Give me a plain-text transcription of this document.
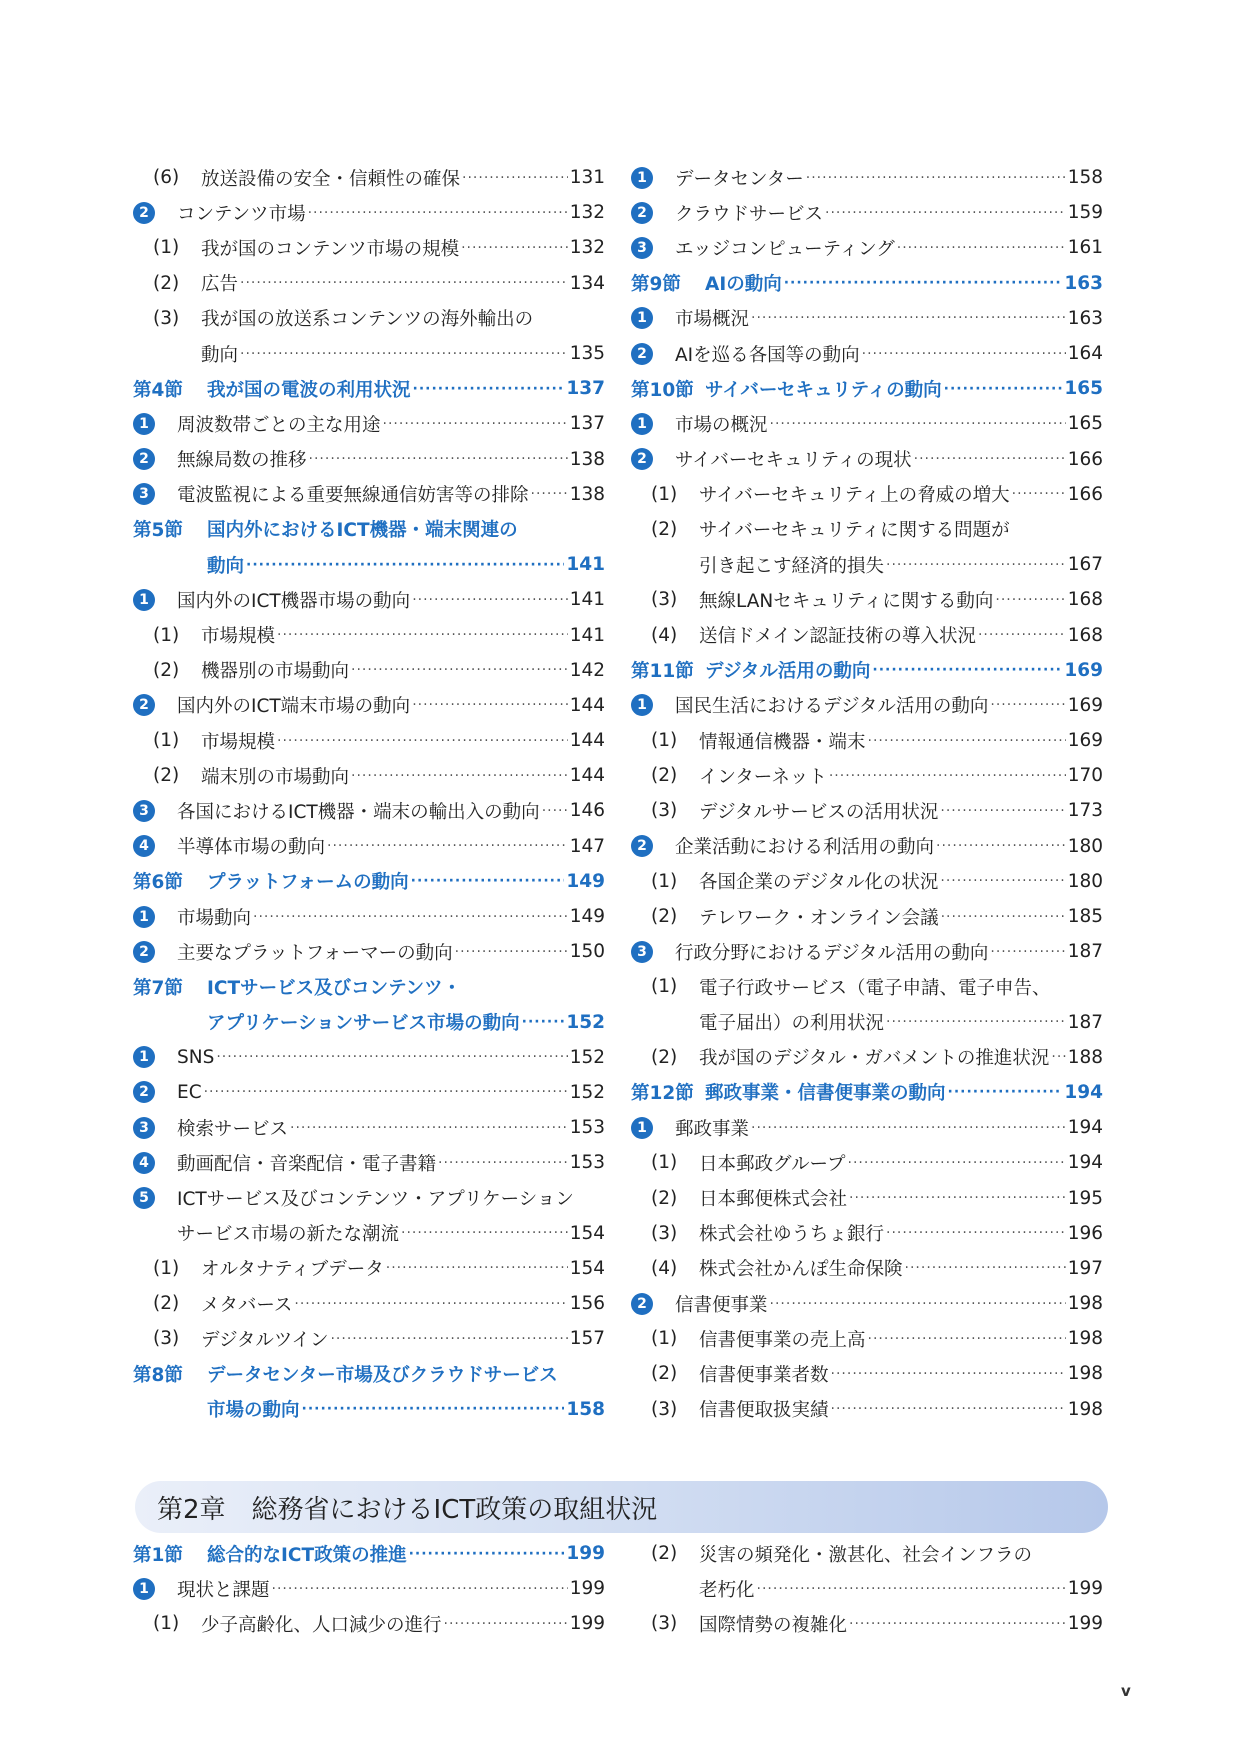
(6)	放送設備の安全・信頼性の確保 ·····	131
2	コンテンツ市場 ·····	132
(1)	我が国のコンテンツ市場の規模 ·····	132
(2)	広告 ·····	134
(3)	我が国の放送系コンテンツの海外輸出の
動向 ·····	135
第4節	我が国の電波の利用状況 ·····	137
1	周波数帯ごとの主な用途 ·····	137
2	無線局数の推移 ·····	138
3	電波監視による重要無線通信妨害等の排除 ····· 138
第5節	国内外におけるICT機器・端末関連の
動向 ·····	141
1	国内外のICT機器市場の動向 ·····	141
(1)	市場規模 ·····	141
(2)	機器別の市場動向 ·····	142
2	国内外のICT端末市場の動向 ·····	144
(1)	市場規模 ·····	144
(2)	端末別の市場動向 ·····	144
3	各国におけるICT機器・端末の輸出入の動向 ····· 146
4	半導体市場の動向 ·····	147
第6節	プラットフォームの動向 ·····	149
1	市場動向 ·····	149
2	主要なプラットフォーマーの動向 ·····	150
第7節	ICTサービス及びコンテンツ・
アプリケーションサービス市場の動向 ·····	152
1	SNS ·····	152
2	EC ·····	152
3	検索サービス ·····	153
4	動画配信・音楽配信・電子書籍 ·····	153
5	ICTサービス及びコンテンツ・アプリケーション
サービス市場の新たな潮流 ·····	154
(1)	オルタナティブデータ ·····	154
(2)	メタバース ·····	156
(3)	デジタルツイン ·····	157
第8節	データセンター市場及びクラウドサービス
市場の動向 ·····	158
1	データセンター ·····	158
2	クラウドサービス ·····	159
3	エッジコンピューティング ·····	161
第9節	AIの動向 ·····	163
1	市場概況 ·····	163
2	AIを巡る各国等の動向 ·····	164
第10節 サイバーセキュリティの動向 ·····	165
1	市場の概況 ·····	165
2	サイバーセキュリティの現状 ·····	166
(1)	サイバーセキュリティ上の脅威の増大 ·····	166
(2)	サイバーセキュリティに関する問題が
引き起こす経済的損失 ·····	167
(3)	無線LANセキュリティに関する動向 ·····	168
(4)	送信ドメイン認証技術の導入状況 ·····	168
第11節 デジタル活用の動向 ·····	169
1	国民生活におけるデジタル活用の動向 ·····	169
(1)	情報通信機器・端末 ·····	169
(2)	インターネット ·····	170
(3)	デジタルサービスの活用状況 ·····	173
2	企業活動における利活用の動向 ·····	180
(1)	各国企業のデジタル化の状況 ·····	180
(2)	テレワーク・オンライン会議 ·····	185
3	行政分野におけるデジタル活用の動向 ·····	187
(1)	電子行政サービス（電子申請、電子申告、
電子届出）の利用状況 ·····	187
(2)	我が国のデジタル・ガバメントの推進状況 ····· 188
第12節 郵政事業・信書便事業の動向 ·····	194
1	郵政事業 ·····	194
(1)	日本郵政グループ ·····	194
(2)	日本郵便株式会社 ·····	195
(3)	株式会社ゆうちょ銀行 ·····	196
(4)	株式会社かんぽ生命保険 ·····	197
2	信書便事業 ·····	198
(1)	信書便事業の売上高 ·····	198
(2)	信書便事業者数 ·····	198
(3)	信書便取扱実績 ·····	198
第2章 総務省におけるICT政策の取組状況
第1節	総合的なICT政策の推進 ·····	199
1	現状と課題 ·····	199
(1)	少子高齢化、人口減少の進行 ·····	199
(2)	災害の頻発化・激甚化、社会インフラの
老朽化 ·····	199
(3)	国際情勢の複雑化 ·····	199
v
